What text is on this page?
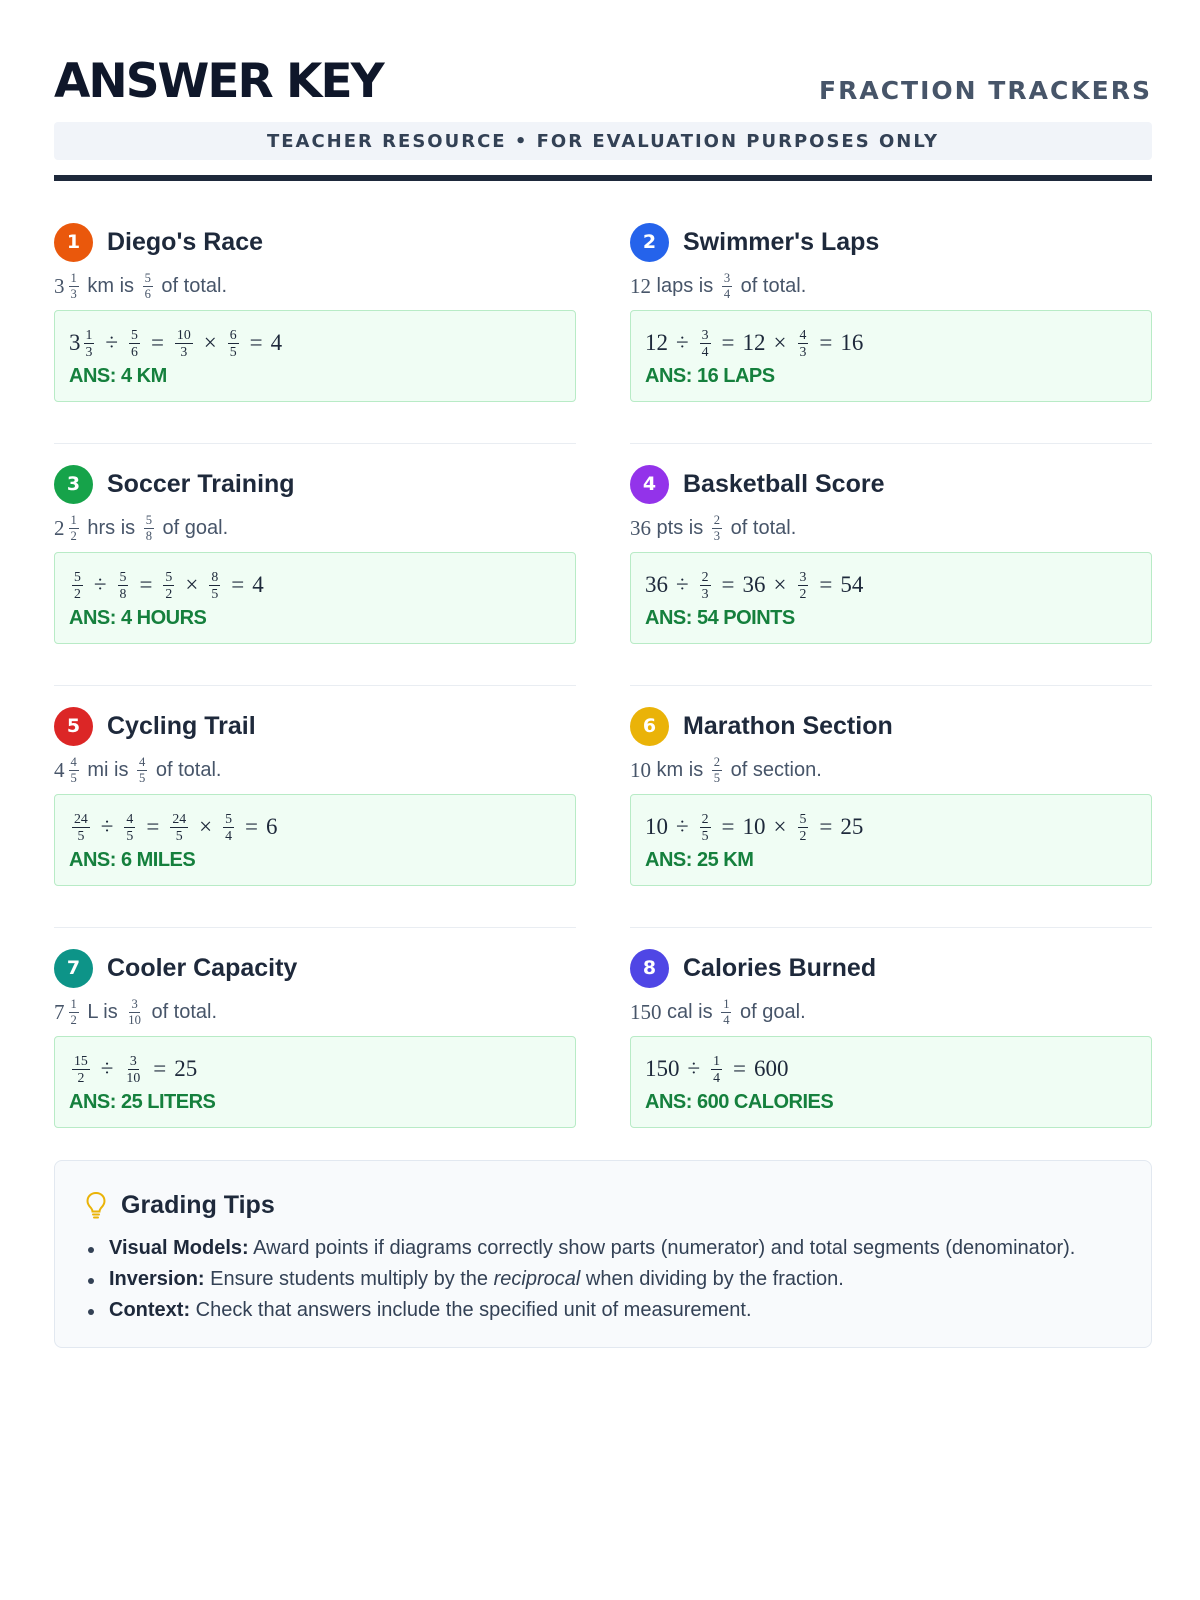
ANSWER KEY	FRACTION TRACKERS
TEACHER RESOURCE • FOR EVALUATION PURPOSES ONLY
1	Diego's Race
$3 \frac{1}{3}$ km is $\frac{5}{6}$ of total.
$3 \frac{1}{3} \div \frac{5}{6} = \frac{10}{3} \times \frac{6}{5} = 4$
ANS: 4 KM
2	Swimmer's Laps
12 laps is $\frac{3}{4}$ of total.
$12 \div \frac{3}{4} = 12 \times \frac{4}{3} = 16$
ANS: 16 LAPS
3	Soccer Training
$2 \frac{1}{2}$ hrs is $\frac{5}{8}$ of goal.
$\frac{5}{2} \div \frac{5}{8} = \frac{5}{2} \times \frac{8}{5} = 4$
ANS: 4 HOURS
4	Basketball Score
36 pts is $\frac{2}{3}$ of total.
$36 \div \frac{2}{3} = 36 \times \frac{3}{2} = 54$
ANS: 54 POINTS
5	Cycling Trail
$4 \frac{4}{5}$ mi is $\frac{4}{5}$ of total.
$\frac{24}{5} \div \frac{4}{5} = \frac{24}{5} \times \frac{5}{4} = 6$
ANS: 6 MILES
6	Marathon Section
10 km is $\frac{2}{5}$ of section.
$10 \div \frac{2}{5} = 10 \times \frac{5}{2} = 25$
ANS: 25 KM
7	Cooler Capacity
$7 \frac{1}{2}$ L is $\frac{3}{10}$ of total.
$\frac{15}{2} \div \frac{3}{10} = 25$
ANS: 25 LITERS
8	Calories Burned
150 cal is $\frac{1}{4}$ of goal.
$150 \div \frac{1}{4} = 600$
ANS: 600 CALORIES
Grading Tips
Visual Models: Award points if diagrams correctly show parts (numerator) and total segments (denominator).
Inversion: Ensure students multiply by the reciprocal when dividing by the fraction.
Context: Check that answers include the specified unit of measurement.
